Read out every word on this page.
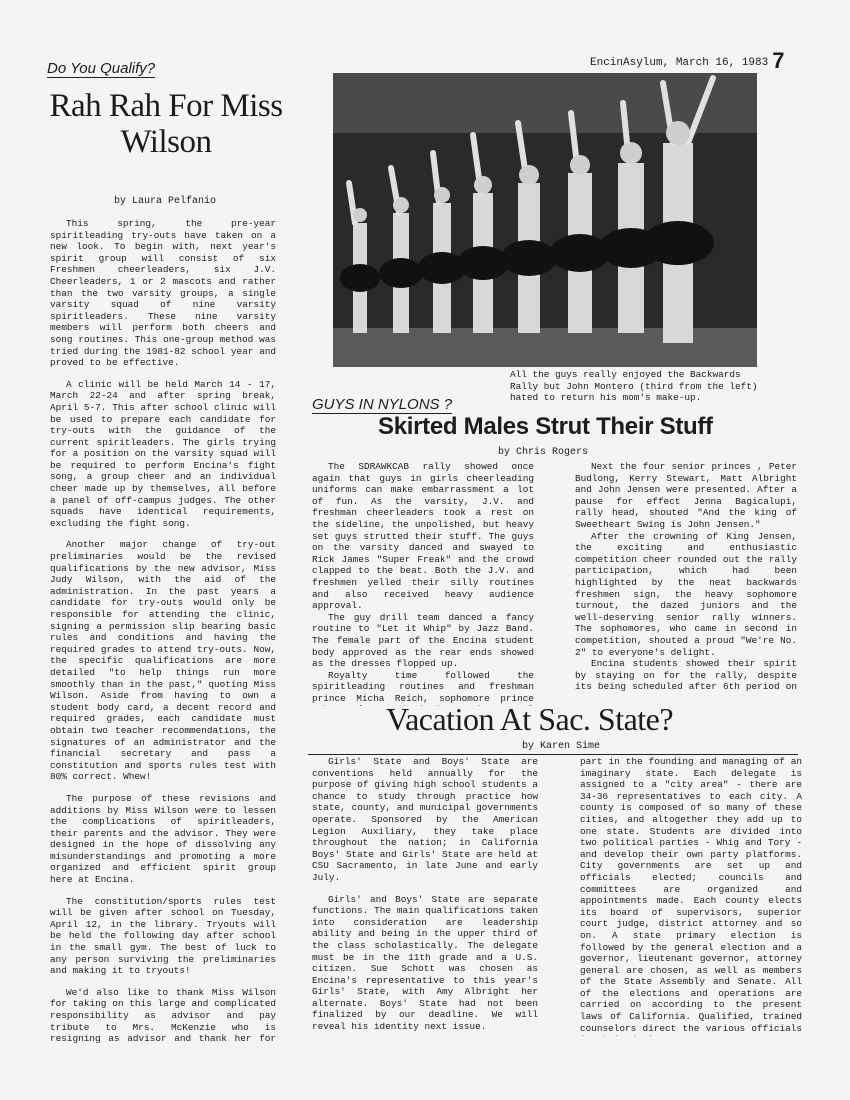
EncinAsylum, March 16, 1983 7
Do You Qualify?
Rah Rah For Miss Wilson
by Laura Pelfanio

This spring, the pre-year spiritleading try-outs have taken on a new look. To begin with, next year's spirit group will consist of six Freshmen cheerleaders, six J.V. Cheerleaders, 1 or 2 mascots and rather than the two varsity groups, a single varsity squad of nine varsity spiritleaders. These nine varsity members will perform both cheers and song routines. This one-group method was tried during the 1981-82 school year and proved to be effective.

A clinic will be held March 14 - 17, March 22-24 and after spring break, April 5-7. This after school clinic will be used to prepare each candidate for try-outs with the guidance of the current spiritleaders. The girls trying for a position on the varsity squad will be required to perform Encina's fight song, a group cheer and an individual cheer made up by themselves, all before a panel of off-campus judges. The other squads have identical requirements, excluding the fight song.

Another major change of try-out preliminaries would be the revised qualifications by the new advisor, Miss Judy Wilson, with the aid of the administration. In the past years a candidate for try-outs would only be responsible for attending the clinic, signing a permission slip bearing basic rules and conditions and having the required grades to attend try-outs. Now, the specific qualifications are more detailed "to help things run more smoothly than in the past," quoting Miss Wilson. Aside from having to own a student body card, a decent record and required grades, each candidate must obtain two teacher recommendations, the signatures of an administrator and the financial secretary and pass a constitution and sports rules test with 80% correct. Whew!

The purpose of these revisions and additions by Miss Wilson were to lessen the complications of spiritleaders, their parents and the advisor. They were designed in the hope of dissolving any misunderstandings and promoting a more organized and efficient spirit group here at Encina.

The constitution/sports rules test will be given after school on Tuesday, April 12, in the library. Tryouts will be held the following day after school in the small gym. The best of luck to any person surviving the preliminaries and making it to tryouts!

We'd also like to thank Miss Wilson for taking on this large and complicated responsibility as advisor and pay tribute to Mrs. McKenzie who is resigning as advisor and thank her for

All the guys really enjoyed the Backwards Rally but John Montero (third from the left) hated to return his mom's make-up.
GUYS IN NYLONS ?
Skirted Males Strut Their Stuff
by Chris Rogers

The SDRAWKCAB rally showed once again that guys in girls cheerleading uniforms can make embarrassment a lot of fun. As the varsity, J.V. and freshman cheerleaders took a rest on the sideline, the unpolished, but heavy set guys strutted their stuff. The guys on the varsity danced and swayed to Rick James "Super Freak" and the crowd clapped to the beat. Both the J.V. and freshmen yelled their silly routines and also received heavy audience approval.

The guy drill team danced a fancy routine to "Let it Whip" by Jazz Band. The female part of the Encina student body approved as the rear ends showed as the dresses flopped up.

Royalty time followed the spiritleading routines and freshman prince Micha Reich, sophomore prince

Next the four senior princes , Peter Budlong, Kerry Stewart, Matt Albright and John Jensen were presented. After a pause for effect Jenna Bagicalupi, rally head, shouted "And the king of Sweetheart Swing is John Jensen."

After the crowning of King Jensen, the exciting and enthusiastic competition cheer rounded out the rally participation, which had been highlighted by the neat backwards freshmen sign, the heavy sophomore turnout, the dazed juniors and the well-deserving senior rally winners. The sophomores, who came in second in competition, shouted a proud "We're No. 2" to everyone's delight.

Encina students showed their spirit by staying on for the rally, despite its being scheduled after 6th period on

Vacation At Sac. State?
by Karen Sime

Girls' State and Boys' State are conventions held annually for the purpose of giving high school students a chance to study through practice how state, county, and municipal governments operate. Sponsored by the American Legion Auxiliary, they take place throughout the nation; in California Boys' State and Girls' State are held at CSU Sacramento, in late June and early July.

Girls' and Boys' State are separate functions. The main qualifications taken into consideration are leadership ability and being in the upper third of the class scholastically. The delegate must be in the 11th grade and a U.S. citizen. Sue Schott was chosen as Encina's representative to this year's Girls' State, with Amy Albright her alternate. Boys' State had not been finalized by our deadline. We will reveal his identity next issue.

part in the founding and managing of an imaginary state. Each delegate is assigned to a "city area" - there are 34-36 representatives to each city. A county is composed of so many of these cities, and altogether they add up to one state. Students are divided into two political parties - Whig and Tory - and develop their own party platforms. City governments are set up and officials elected; councils and committees are organized and appointments made. Each county elects its board of supervisors, superior court judge, district attorney and so on. A state primary election is followed by the general election and a governor, lieutenant governor, attorney general are chosen, as well as members of the State Assembly and Senate. All of the elections and operations are carried on according to the present laws of California. Qualified, trained counselors direct the various officials
